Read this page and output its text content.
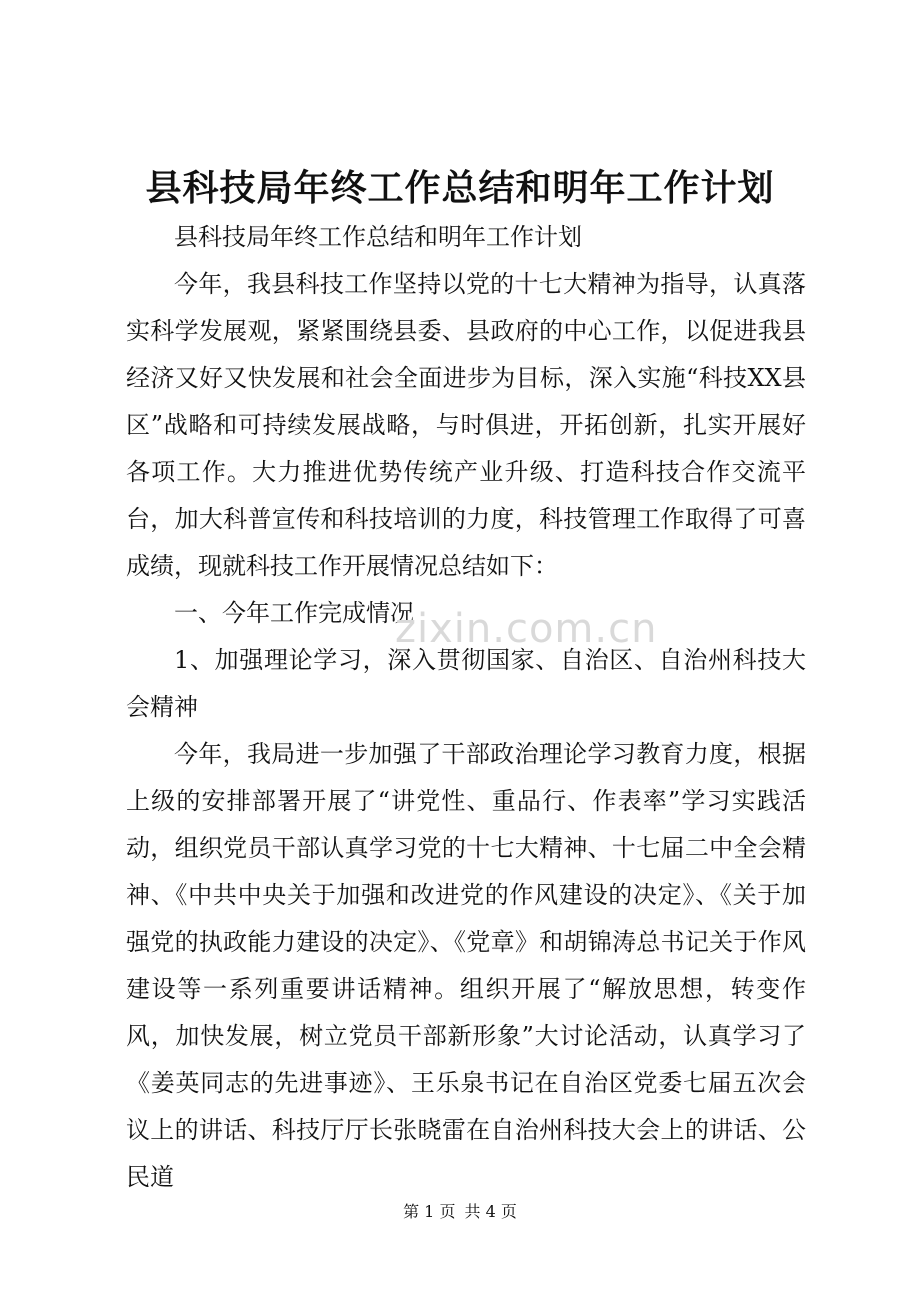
县科技局年终工作总结和明年工作计划

县科技局年终工作总结和明年工作计划

今年，我县科技工作坚持以党的十七大精神为指导，认真落实科学发展观，紧紧围绕县委、县政府的中心工作，以促进我县经济又好又快发展和社会全面进步为目标，深入实施“科技XX县区”战略和可持续发展战略，与时俱进，开拓创新，扎实开展好各项工作。大力推进优势传统产业升级、打造科技合作交流平台，加大科普宣传和科技培训的力度，科技管理工作取得了可喜成绩，现就科技工作开展情况总结如下：

一、今年工作完成情况

1、加强理论学习，深入贯彻国家、自治区、自治州科技大会精神

今年，我局进一步加强了干部政治理论学习教育力度，根据上级的安排部署开展了“讲党性、重品行、作表率”学习实践活动，组织党员干部认真学习党的十七大精神、十七届二中全会精神、《中共中央关于加强和改进党的作风建设的决定》、《关于加强党的执政能力建设的决定》、《党章》和胡锦涛总书记关于作风建设等一系列重要讲话精神。组织开展了“解放思想，转变作风，加快发展，树立党员干部新形象”大讨论活动，认真学习了《姜英同志的先进事迹》、王乐泉书记在自治区党委七届五次会议上的讲话、科技厅厅长张晓雷在自治州科技大会上的讲话、公民道

zixin.com.cn
第 1 页 共 4 页
